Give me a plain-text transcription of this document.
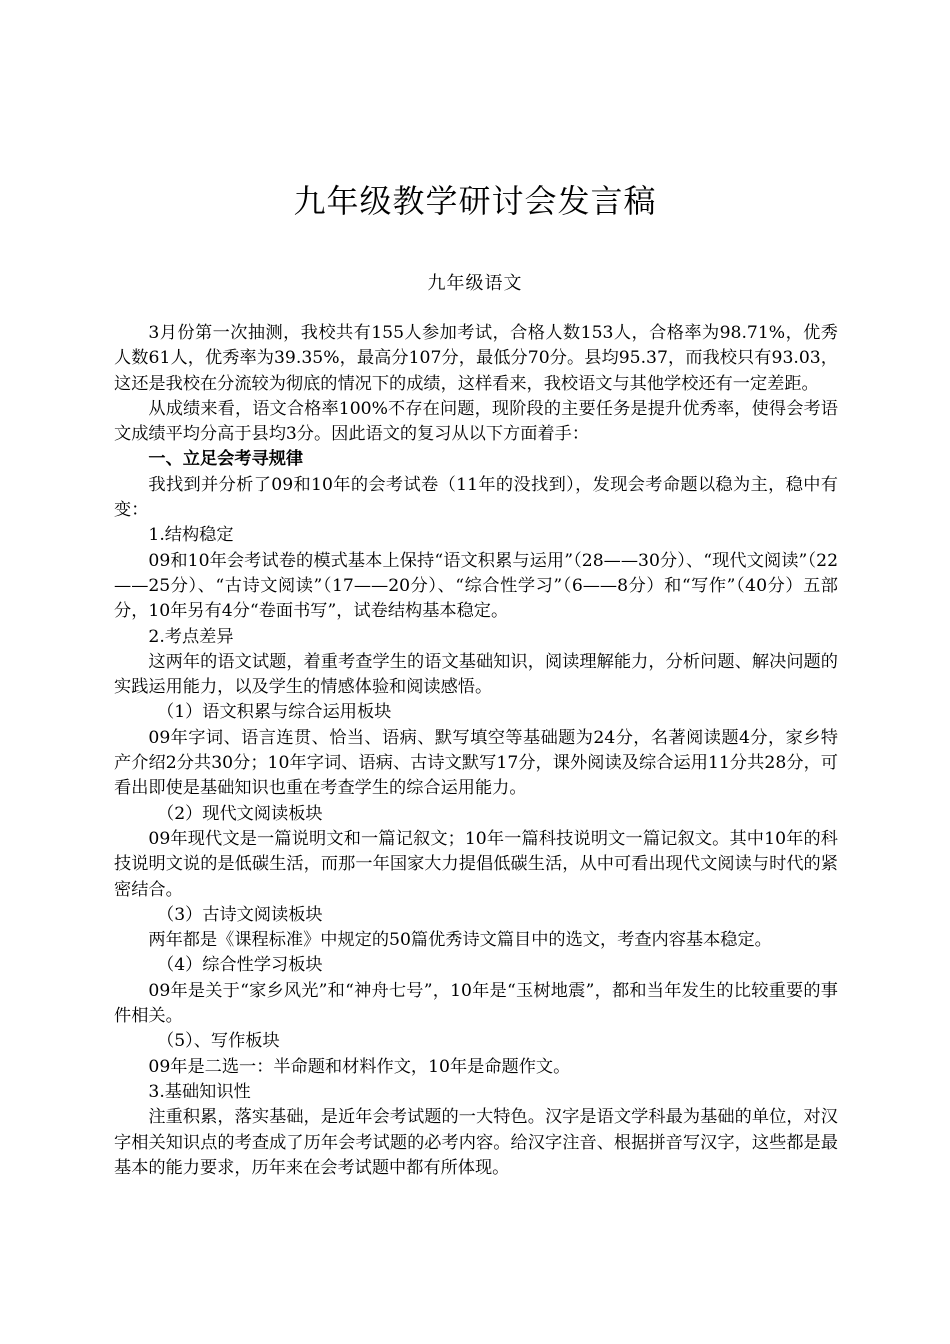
九年级教学研讨会发言稿
九年级语文

3月份第一次抽测，我校共有155人参加考试，合格人数153人，合格率为98.71%，优秀人数61人，优秀率为39.35%，最高分107分，最低分70分。县均95.37，而我校只有93.03，这还是我校在分流较为彻底的情况下的成绩，这样看来，我校语文与其他学校还有一定差距。

从成绩来看，语文合格率100%不存在问题，现阶段的主要任务是提升优秀率，使得会考语文成绩平均分高于县均3分。因此语文的复习从以下方面着手：

一、立足会考寻规律

我找到并分析了09和10年的会考试卷（11年的没找到），发现会考命题以稳为主，稳中有变：

1.结构稳定

09和10年会考试卷的模式基本上保持“语文积累与运用”（28——30分）、“现代文阅读”（22——25分）、“古诗文阅读”（17——20分）、“综合性学习”（6——8分）和“写作”（40分）五部分，10年另有4分“卷面书写”，试卷结构基本稳定。

2.考点差异

这两年的语文试题，着重考查学生的语文基础知识，阅读理解能力，分析问题、解决问题的实践运用能力，以及学生的情感体验和阅读感悟。

（1）语文积累与综合运用板块

09年字词、语言连贯、恰当、语病、默写填空等基础题为24分，名著阅读题4分，家乡特产介绍2分共30分；10年字词、语病、古诗文默写17分，课外阅读及综合运用11分共28分，可看出即使是基础知识也重在考查学生的综合运用能力。

（2）现代文阅读板块

09年现代文是一篇说明文和一篇记叙文；10年一篇科技说明文一篇记叙文。其中10年的科技说明文说的是低碳生活，而那一年国家大力提倡低碳生活，从中可看出现代文阅读与时代的紧密结合。

（3）古诗文阅读板块

两年都是《课程标准》中规定的50篇优秀诗文篇目中的选文，考查内容基本稳定。

（4）综合性学习板块

09年是关于“家乡风光”和“神舟七号”，10年是“玉树地震”，都和当年发生的比较重要的事件相关。

（5）、写作板块

09年是二选一：半命题和材料作文，10年是命题作文。

3.基础知识性

注重积累，落实基础，是近年会考试题的一大特色。汉字是语文学科最为基础的单位，对汉字相关知识点的考查成了历年会考试题的必考内容。给汉字注音、根据拼音写汉字，这些都是最基本的能力要求，历年来在会考试题中都有所体现。
